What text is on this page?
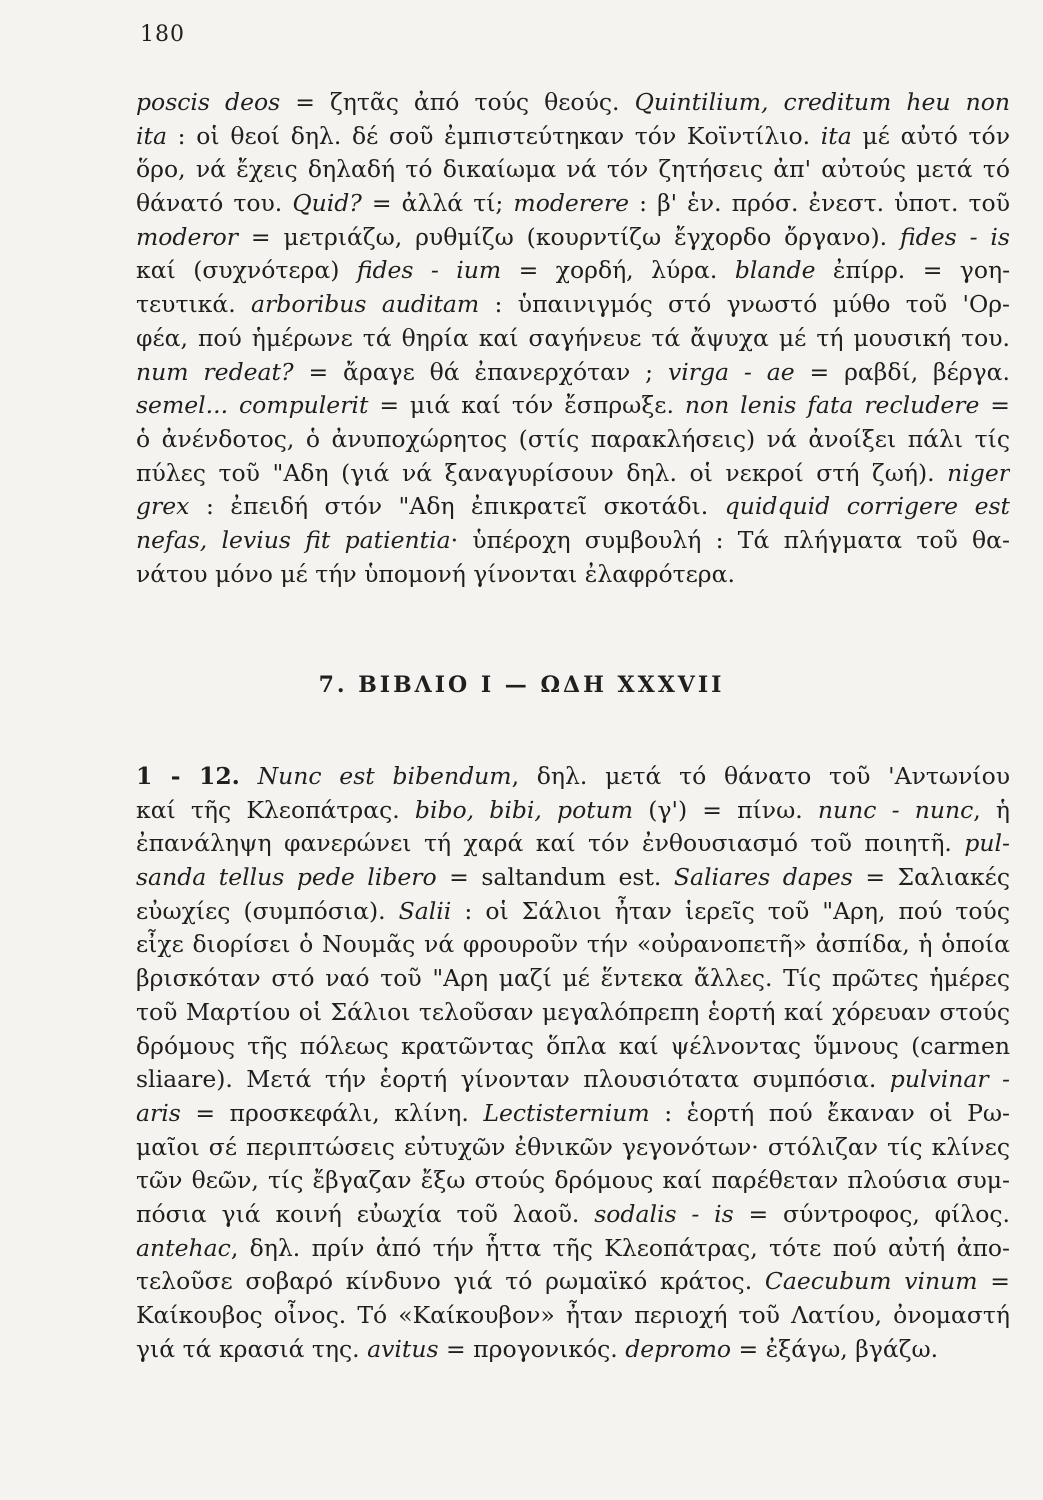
180
poscis deos = ζητᾶς ἀπό τούς θεούς. Quintilium, creditum heu non
ita : οἱ θεοί δηλ. δέ σοῦ ἐμπιστεύτηκαν τόν Κοϊντίλιο. ita μέ αὐτό τόν
ὅρο, νά ἔχεις δηλαδή τό δικαίωμα νά τόν ζητήσεις ἀπ' αὐτούς μετά τό
θάνατό του. Quid? = ἀλλά τί; moderere : β' ἑν. πρόσ. ἐνεστ. ὑποτ. τοῦ
moderor = μετριάζω, ρυθμίζω (κουρντίζω ἔγχορδο ὄργανο). fides - is
καί (συχνότερα) fides - ium = χορδή, λύρα. blande ἐπίρρ. = γοη-
τευτικά. arboribus auditam : ὑπαινιγμός στό γνωστό μύθο τοῦ 'Ορ-
φέα, πού ἡμέρωνε τά θηρία καί σαγήνευε τά ἄψυχα μέ τή μουσική του.
num redeat? = ἄραγε θά ἐπανερχόταν ; virga - ae = ραβδί, βέργα.
semel... compulerit = μιά καί τόν ἔσπρωξε. non lenis fata recludere =
ὁ ἀνένδοτος, ὁ ἀνυποχώρητος (στίς παρακλήσεις) νά ἀνοίξει πάλι τίς
πύλες τοῦ "Αδη (γιά νά ξαναγυρίσουν δηλ. οἱ νεκροί στή ζωή). niger
grex : ἐπειδή στόν "Αδη ἐπικρατεῖ σκοτάδι. quidquid corrigere est
nefas, levius fit patientia· ὑπέροχη συμβουλή : Τά πλήγματα τοῦ θα-
νάτου μόνο μέ τήν ὑπομονή γίνονται ἐλαφρότερα.
7. ΒΙΒΛΙΟ Ι — ΩΔΗ XXXVII
1 - 12. Nunc est bibendum, δηλ. μετά τό θάνατο τοῦ 'Αντωνίου
καί τῆς Κλεοπάτρας. bibo, bibi, potum (γ') = πίνω. nunc - nunc, ἡ
ἐπανάληψη φανερώνει τή χαρά καί τόν ἐνθουσιασμό τοῦ ποιητῆ. pul-
sanda tellus pede libero = saltandum est. Saliares dapes = Σαλιακές
εὐωχίες (συμπόσια). Salii : οἱ Σάλιοι ἦταν ἱερεῖς τοῦ "Αρη, πού τούς
εἶχε διορίσει ὁ Νουμᾶς νά φρουροῦν τήν «οὐρανοπετῆ» ἀσπίδα, ἡ ὁποία
βρισκόταν στό ναό τοῦ "Αρη μαζί μέ ἕντεκα ἄλλες. Τίς πρῶτες ἡμέρες
τοῦ Μαρτίου οἱ Σάλιοι τελοῦσαν μεγαλόπρεπη ἑορτή καί χόρευαν στούς
δρόμους τῆς πόλεως κρατῶντας ὅπλα καί ψέλνοντας ὕμνους (carmen
sliaare). Μετά τήν ἑορτή γίνονταν πλουσιότατα συμπόσια. pulvinar -
aris = προσκεφάλι, κλίνη. Lectisternium : ἑορτή πού ἔκαναν οἱ Ρω-
μαῖοι σέ περιπτώσεις εὐτυχῶν ἐθνικῶν γεγονότων· στόλιζαν τίς κλίνες
τῶν θεῶν, τίς ἔβγαζαν ἔξω στούς δρόμους καί παρέθεταν πλούσια συμ-
πόσια γιά κοινή εὐωχία τοῦ λαοῦ. sodalis - is = σύντροφος, φίλος.
antehac, δηλ. πρίν ἀπό τήν ἧττα τῆς Κλεοπάτρας, τότε πού αὐτή ἀπο-
τελοῦσε σοβαρό κίνδυνο γιά τό ρωμαϊκό κράτος. Caecubum vinum =
Καίκουβος οἶνος. Τό «Καίκουβον» ἦταν περιοχή τοῦ Λατίου, ὀνομαστή
γιά τά κρασιά της. avitus = προγονικός. depromo = ἐξάγω, βγάζω.
